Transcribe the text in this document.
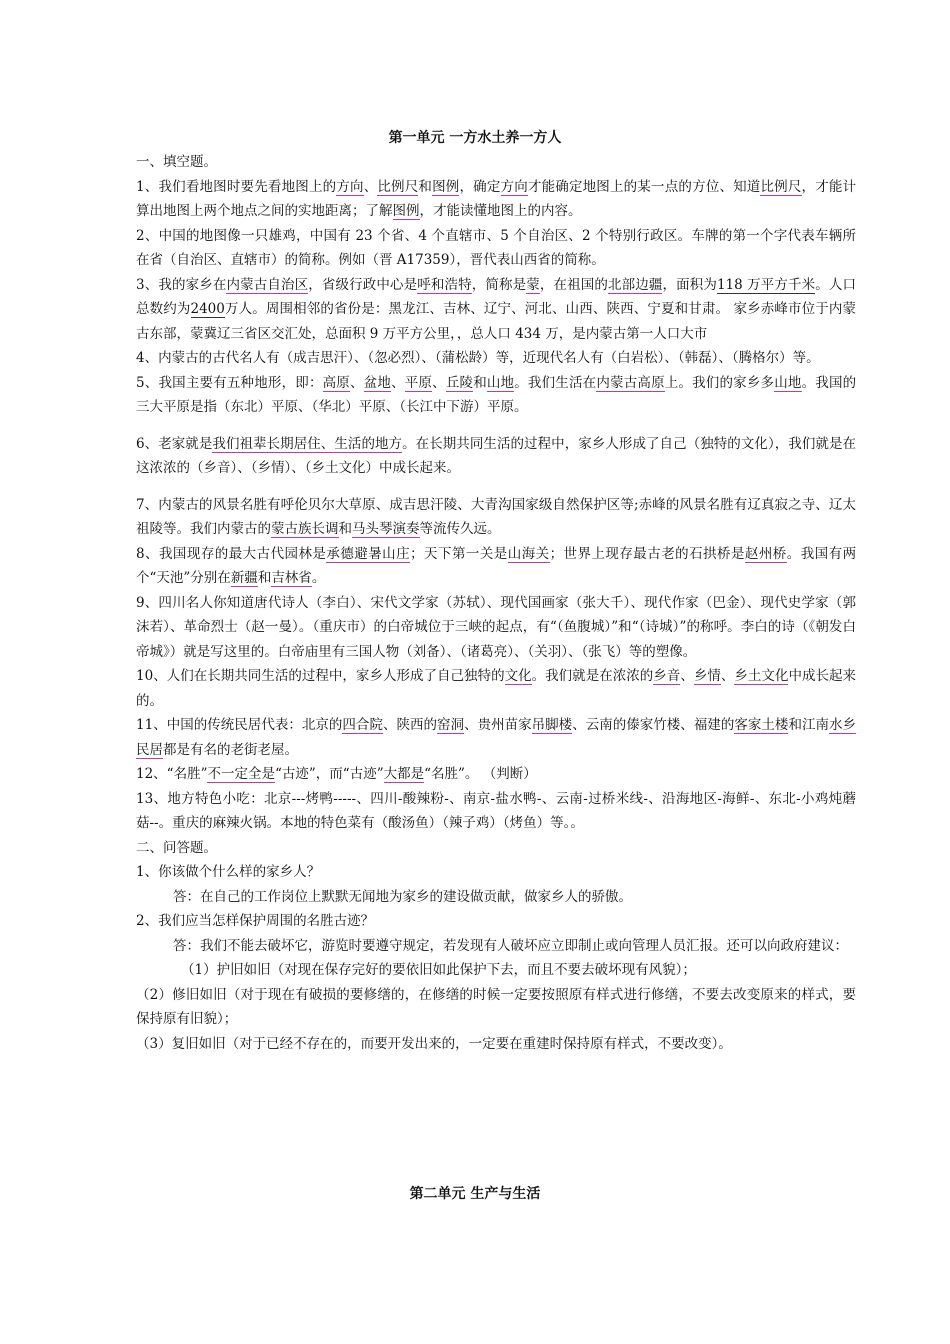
第一单元 一方水土养一方人

一、填空题。

1、我们看地图时要先看地图上的方向、比例尺和图例，确定方向才能确定地图上的某一点的方位、知道比例尺，才能计算出地图上两个地点之间的实地距离；了解图例，才能读懂地图上的内容。

2、中国的地图像一只雄鸡，中国有 23 个省、4 个直辖市、5 个自治区、2 个特别行政区。车牌的第一个字代表车辆所在省（自治区、直辖市）的简称。例如（晋 A17359），晋代表山西省的简称。

3、我的家乡在内蒙古自治区，省级行政中心是呼和浩特，简称是蒙，在祖国的北部边疆，面积为118 万平方千米。人口总数约为2400万人。周围相邻的省份是：黑龙江、吉林、辽宁、河北、山西、陕西、宁夏和甘肃。 家乡赤峰市位于内蒙古东部，蒙冀辽三省区交汇处，总面积 9 万平方公里，，总人口 434 万，是内蒙古第一人口大市

4、内蒙古的古代名人有（成吉思汗）、（忽必烈）、（蒲松龄）等，近现代名人有（白岩松）、（韩磊）、（腾格尔）等。

5、我国主要有五种地形，即：高原、盆地、平原、丘陵和山地。我们生活在内蒙古高原上。我们的家乡多山地。我国的三大平原是指（东北）平原、（华北）平原、（长江中下游）平原。

6、老家就是我们祖辈长期居住、生活的地方。在长期共同生活的过程中，家乡人形成了自己（独特的文化），我们就是在这浓浓的（乡音）、（乡情）、（乡土文化）中成长起来。

7、内蒙古的风景名胜有呼伦贝尔大草原、成吉思汗陵、大青沟国家级自然保护区等;赤峰的风景名胜有辽真寂之寺、辽太祖陵等。我们内蒙古的蒙古族长调和马头琴演奏等流传久远。

8、我国现存的最大古代园林是承德避暑山庄；天下第一关是山海关；世界上现存最古老的石拱桥是赵州桥。我国有两个“天池”分别在新疆和吉林省。

9、四川名人你知道唐代诗人（李白）、宋代文学家（苏轼）、现代国画家（张大千）、现代作家（巴金）、现代史学家（郭沫若）、革命烈士（赵一曼）。（重庆市）的白帝城位于三峡的起点，有“（鱼腹城）”和“（诗城）”的称呼。李白的诗（《朝发白帝城》）就是写这里的。白帝庙里有三国人物（刘备）、（诸葛亮）、（关羽）、（张飞）等的塑像。

10、人们在长期共同生活的过程中，家乡人形成了自己独特的文化。我们就是在浓浓的乡音、乡情、乡土文化中成长起来的。

11、中国的传统民居代表：北京的四合院、陕西的窑洞、贵州苗家吊脚楼、云南的傣家竹楼、福建的客家土楼和江南水乡民居都是有名的老街老屋。

12、“名胜”不一定全是“古迹”，而“古迹”大都是“名胜”。 （判断）

13、地方特色小吃：北京---烤鸭-----、四川-酸辣粉-、南京-盐水鸭-、云南-过桥米线-、沿海地区-海鲜-、东北-小鸡炖蘑菇--。重庆的麻辣火锅。本地的特色菜有（酸汤鱼）（辣子鸡）（烤鱼）等。。

二、问答题。

1、你该做个什么样的家乡人？

答：在自己的工作岗位上默默无闻地为家乡的建设做贡献，做家乡人的骄傲。

2、我们应当怎样保护周围的名胜古迹？

答：我们不能去破坏它，游览时要遵守规定，若发现有人破坏应立即制止或向管理人员汇报。还可以向政府建议：

（1）护旧如旧（对现在保存完好的要依旧如此保护下去，而且不要去破坏现有风貌）；

（2）修旧如旧（对于现在有破损的要修缮的，在修缮的时候一定要按照原有样式进行修缮，不要去改变原来的样式，要保持原有旧貌）；

（3）复旧如旧（对于已经不存在的，而要开发出来的，一定要在重建时保持原有样式，不要改变）。

第二单元 生产与生活
